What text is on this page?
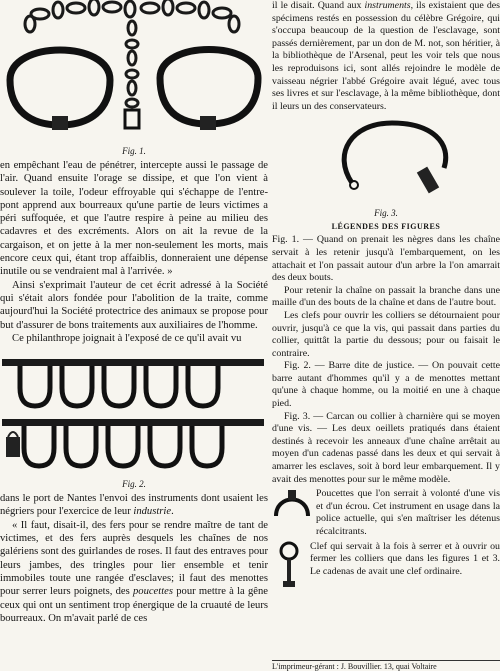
Fig. 1.

en empêchant l'eau de pénétrer, intercepte aussi le passage de l'air. Quand ensuite l'orage se dissipe, et que l'on vient à soulever la toile, l'odeur effroyable qui s'échappe de l'entre-pont apprend aux bourreaux qu'une partie de leurs victimes a péri suffoquée, et que l'autre respire à peine au milieu des cadavres et des excréments. Alors on ait la revue de la cargaison, et on jette à la mer non-seulement les morts, mais encore ceux qui, étant trop affaiblis, donneraient une dépense inutile ou se vendraient mal à l'arrivée. »

Ainsi s'exprimait l'auteur de cet écrit adressé à la Société qui s'était alors fondée pour l'abolition de la traite, comme aujourd'hui la Société protectrice des animaux se propose pour but d'assurer de bons traitements aux auxiliaires de l'homme.

Ce philanthrope joignait à l'exposé de ce qu'il avait vu

Fig. 2.

dans le port de Nantes l'envoi des instruments dont usaient les négriers pour l'exercice de leur industrie.

« Il faut, disait-il, des fers pour se rendre maître de tant de victimes, et des fers auprès desquels les chaînes de nos galériens sont des guirlandes de roses. Il faut des entraves pour leurs jambes, des tringles pour lier ensemble et tenir immobiles toute une rangée d'esclaves; il faut des menottes pour serrer leurs poignets, des poucettes pour mettre à la gêne ceux qui ont un sentiment trop énergique de la cruauté de leurs bourreaux. On m'avait parlé de ces

il le disait. Quand aux instruments, ils existaient que des spécimens restés en possession du célèbre Grégoire, qui s'occupa beaucoup de la question de l'esclavage, sont passés dernièrement, par un don de M. not, son héritier, à la bibliothèque de l'Arsenal, peut les voir tels que nous les reproduisons ici, sont allés rejoindre le modèle de vaisseau négrier l'abbé Grégoire avait légué, avec tous ses livres et sur l'esclavage, à la même bibliothèque, dont il leurs un des conservateurs.

Fig. 3.

LÉGENDES DES FIGURES

Fig. 1. — Quand on prenait les nègres dans les chaîne servait à les retenir jusqu'à l'embarquement, on les attachait et l'on passait autour d'un arbre la l'on amarrait des deux bouts.

Pour retenir la chaîne on passait la branche dans une maille d'un des bouts de la chaîne et dans de l'autre bout.

Les clefs pour ouvrir les colliers se détournaient pour ouvrir, jusqu'à ce que la vis, qui passait dans parties du collier, quittât la partie du dessous; pour ou faisait le contraire.

Fig. 2. — Barre dite de justice. — On pouvait cette barre autant d'hommes qu'il y a de menottes mettant qu'une à chaque homme, ou la moitié en une à chaque pied.

Fig. 3. — Carcan ou collier à charnière qui se moyen d'une vis. — Les deux oeillets pratiqués dans étaient destinés à recevoir les anneaux d'une chaîne arrêtait au moyen d'un cadenas passé dans les deux et qui servait à amarrer les esclaves, soit à bord leur embarquement. Il y avait des menottes pour sur le même modèle.

Poucettes que l'on serrait à volonté d'une vis et d'un écrou. Cet instrument en usage dans la police actuelle, qui s'en maîtriser les détenus récalcitrants.

Clef qui servait à la fois à serrer et à ouvrir ou fermer les colliers que dans les figures 1 et 3. Le cadenas de avait une clef ordinaire.

L'imprimeur-gérant : J. Bouvillier. 13, quai Voltaire
